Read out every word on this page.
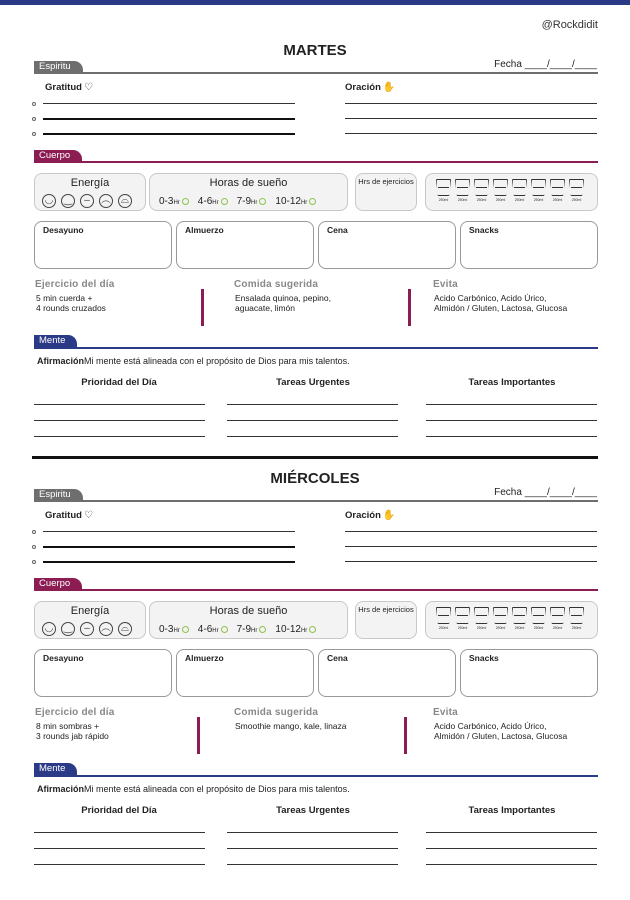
@Rockdidit
MARTES
Espiritu	Fecha ____/____/____
Gratitud ♡	Oración ✋
Cuerpo
Energía
◡ ‿	–	︵	⌓
Horas de sueño
0-3Hr	4-6Hr	7-9Hr	10-12Hr
Hrs de ejercicios
250ml	250ml	250ml	250ml	250ml	250ml	250ml	250ml
Desayuno	Almuerzo	Cena	Snacks
Ejercicio del día
5 min cuerda +
4 rounds cruzados
Comida sugerida
Ensalada quinoa, pepino,
aguacate, limón
Evita
Acido Carbónico, Acido Úrico,
Almidón / Gluten, Lactosa, Glucosa
Mente
AfirmaciónMi mente está alineada con el propósito de Dios para mis talentos.
Prioridad del Día	Tareas Urgentes	Tareas Importantes
MIÉRCOLES
Espiritu	Fecha ____/____/____
Gratitud ♡	Oración ✋
Cuerpo
Energía
◡ ‿	–	︵	⌓
Horas de sueño
0-3Hr	4-6Hr	7-9Hr	10-12Hr
Hrs de ejercicios
250ml	250ml	250ml	250ml	250ml	250ml	250ml	250ml
Desayuno	Almuerzo	Cena	Snacks
Ejercicio del día
8 min sombras +
3 rounds jab rápido
Comida sugerida
Smoothie mango, kale, linaza
Evita
Acido Carbónico, Acido Úrico,
Almidón / Gluten, Lactosa, Glucosa
Mente
AfirmaciónMi mente está alineada con el propósito de Dios para mis talentos.
Prioridad del Día	Tareas Urgentes	Tareas Importantes
